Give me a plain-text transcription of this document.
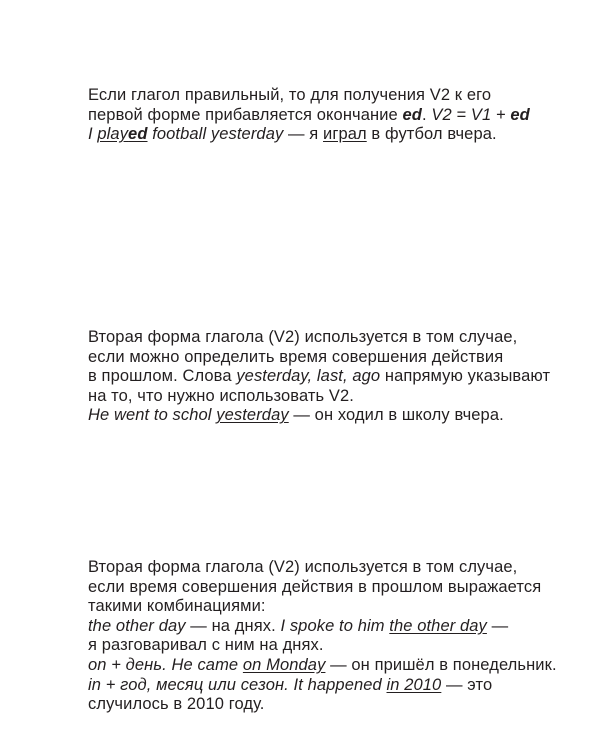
Если глагол правильный, то для получения V2 к его
первой форме прибавляется окончание ed. V2 = V1 + ed
I played football yesterday — я играл в футбол вчера.
Вторая форма глагола (V2) используется в том случае,
если можно определить время совершения действия
в прошлом. Слова yesterday, last, ago напрямую указывают
на то, что нужно использовать V2.
He went to schol yesterday — он ходил в школу вчера.
Вторая форма глагола (V2) используется в том случае,
если время совершения действия в прошлом выражается
такими комбинациями:
the other day — на днях. I spoke to him the other day —
я разговаривал с ним на днях.
on + день. He came on Monday — он пришёл в понедельник.
in + год, месяц или сезон. It happened in 2010 — это
случилось в 2010 году.
